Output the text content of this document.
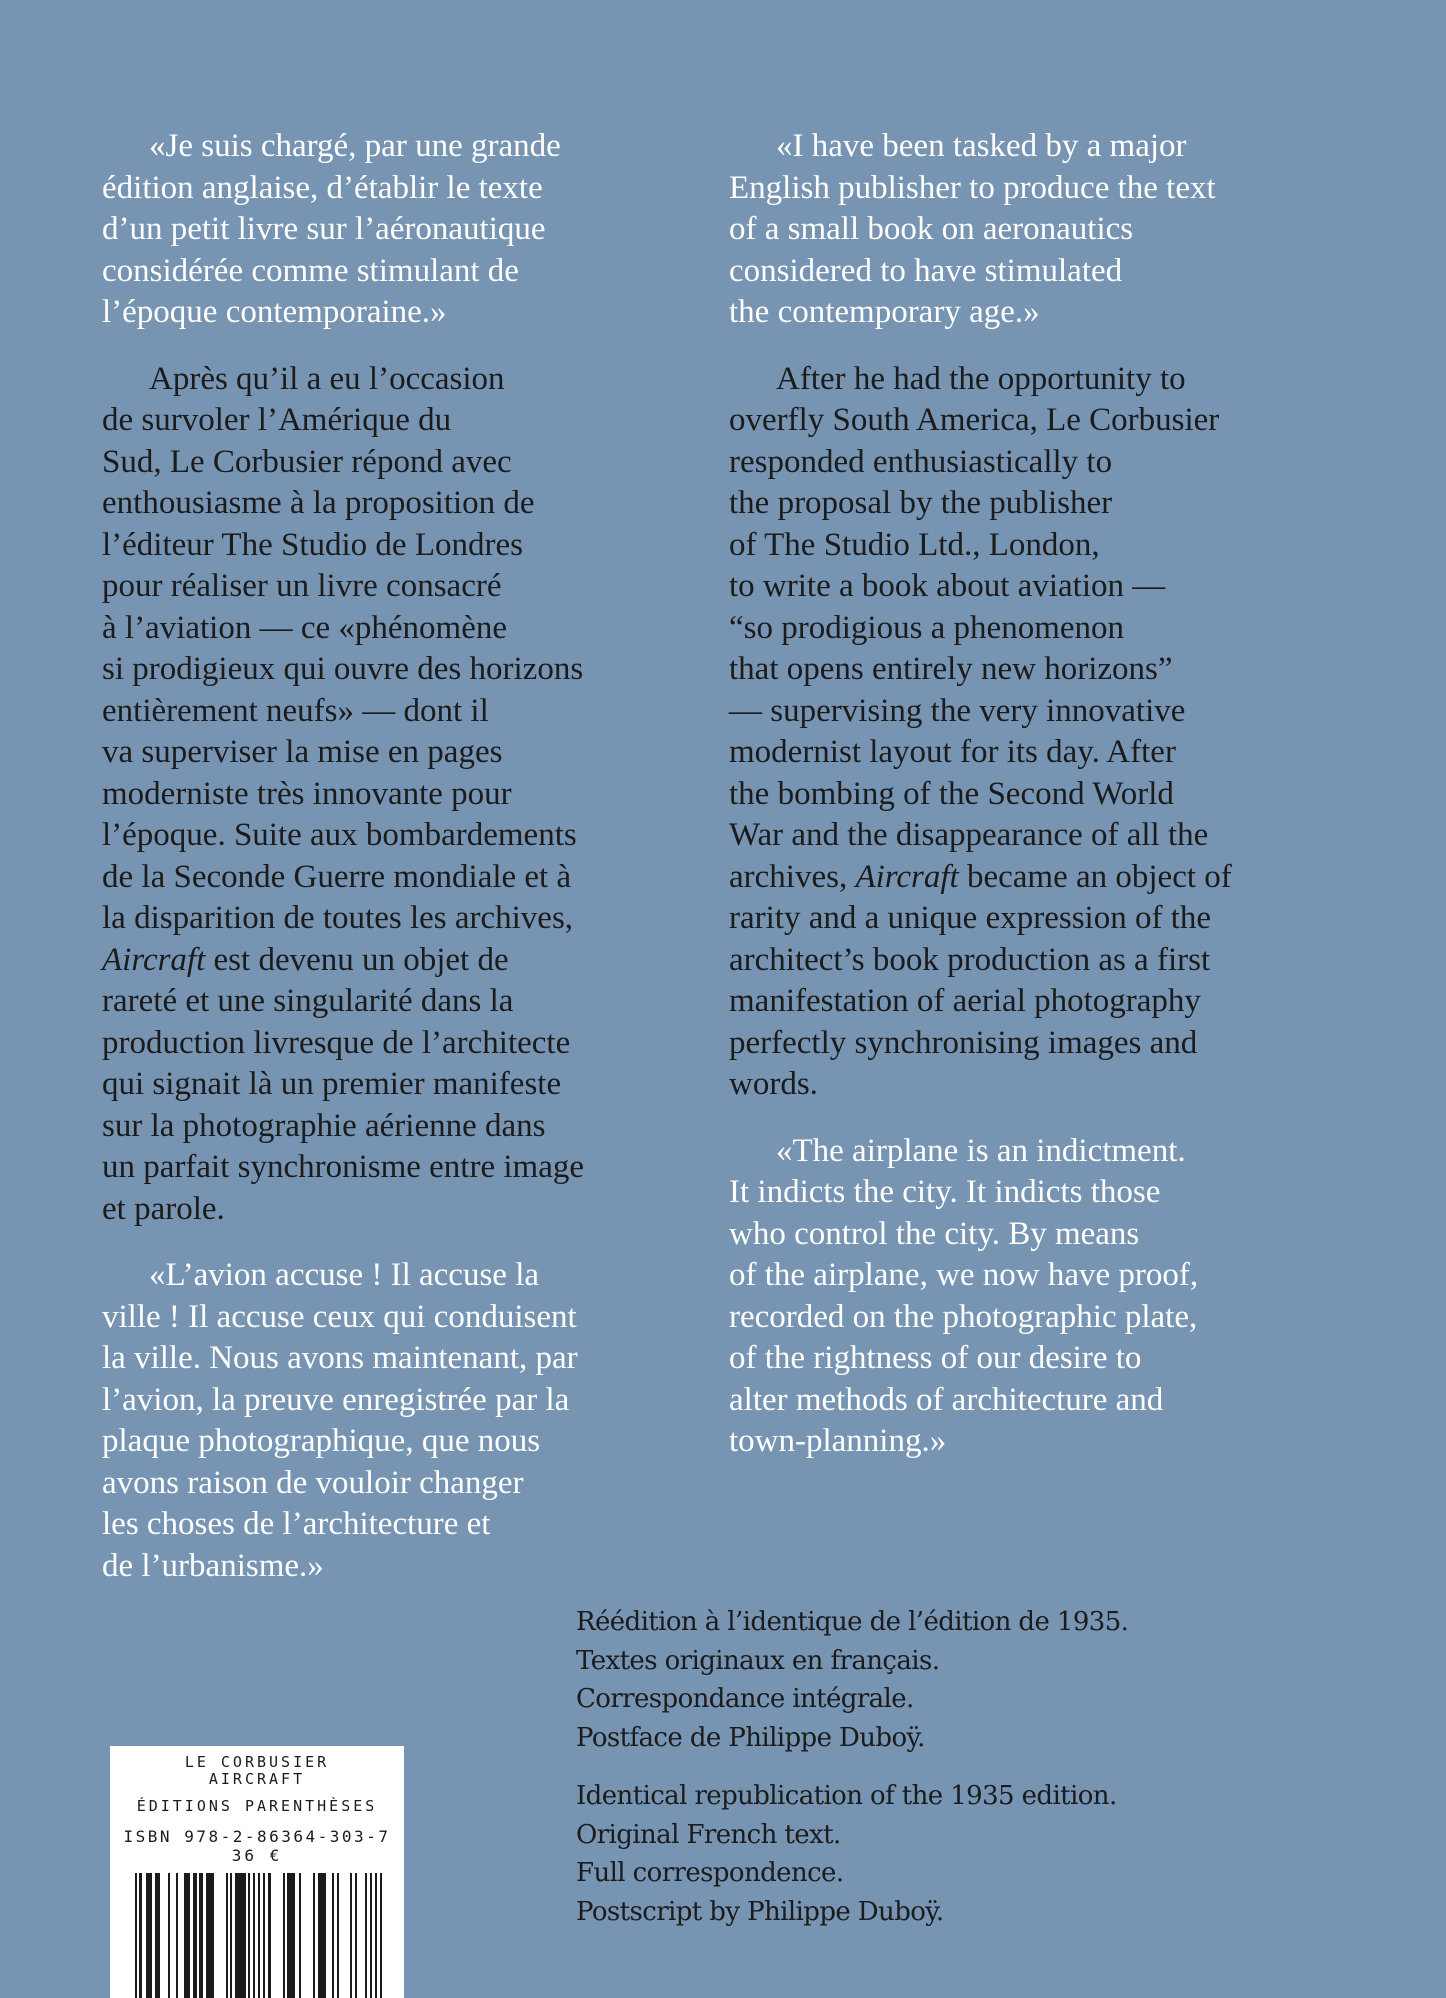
«Je suis chargé, par une grande
édition anglaise, d’établir le texte
d’un petit livre sur l’aéronautique
considérée comme stimulant de
l’époque contemporaine.»
Après qu’il a eu l’occasion
de survoler l’Amérique du
Sud, Le Corbusier répond avec
enthousiasme à la proposition de
l’éditeur The Studio de Londres
pour réaliser un livre consacré
à l’aviation — ce «phénomène
si prodigieux qui ouvre des horizons
entièrement neufs» — dont il
va superviser la mise en pages
moderniste très innovante pour
l’époque. Suite aux bombardements
de la Seconde Guerre mondiale et à
la disparition de toutes les archives,
Aircraft est devenu un objet de
rareté et une singularité dans la
production livresque de l’architecte
qui signait là un premier manifeste
sur la photographie aérienne dans
un parfait synchronisme entre image
et parole.
«L’avion accuse ! Il accuse la
ville ! Il accuse ceux qui conduisent
la ville. Nous avons maintenant, par
l’avion, la preuve enregistrée par la
plaque photographique, que nous
avons raison de vouloir changer
les choses de l’architecture et
de l’urbanisme.»
«I have been tasked by a major
English publisher to produce the text
of a small book on aeronautics
considered to have stimulated
the contemporary age.»
After he had the opportunity to
overfly South America, Le Corbusier
responded enthusiastically to
the proposal by the publisher
of The Studio Ltd., London,
to write a book about aviation —
“so prodigious a phenomenon
that opens entirely new horizons”
— supervising the very innovative
modernist layout for its day. After
the bombing of the Second World
War and the disappearance of all the
archives, Aircraft became an object of
rarity and a unique expression of the
architect’s book production as a first
manifestation of aerial photography
perfectly synchronising images and
words.
«The airplane is an indictment.
It indicts the city. It indicts those
who control the city. By means
of the airplane, we now have proof,
recorded on the photographic plate,
of the rightness of our desire to
alter methods of architecture and
town-planning.»
Réédition à l’identique de l’édition de 1935.
Textes originaux en français.
Correspondance intégrale.
Postface de Philippe Duboÿ.
Identical republication of the 1935 edition.
Original French text.
Full correspondence.
Postscript by Philippe Duboÿ.
LE CORBUSIER
AIRCRAFT
ÉDITIONS PARENTHÈSES
ISBN 978-2-86364-303-7
36 €
